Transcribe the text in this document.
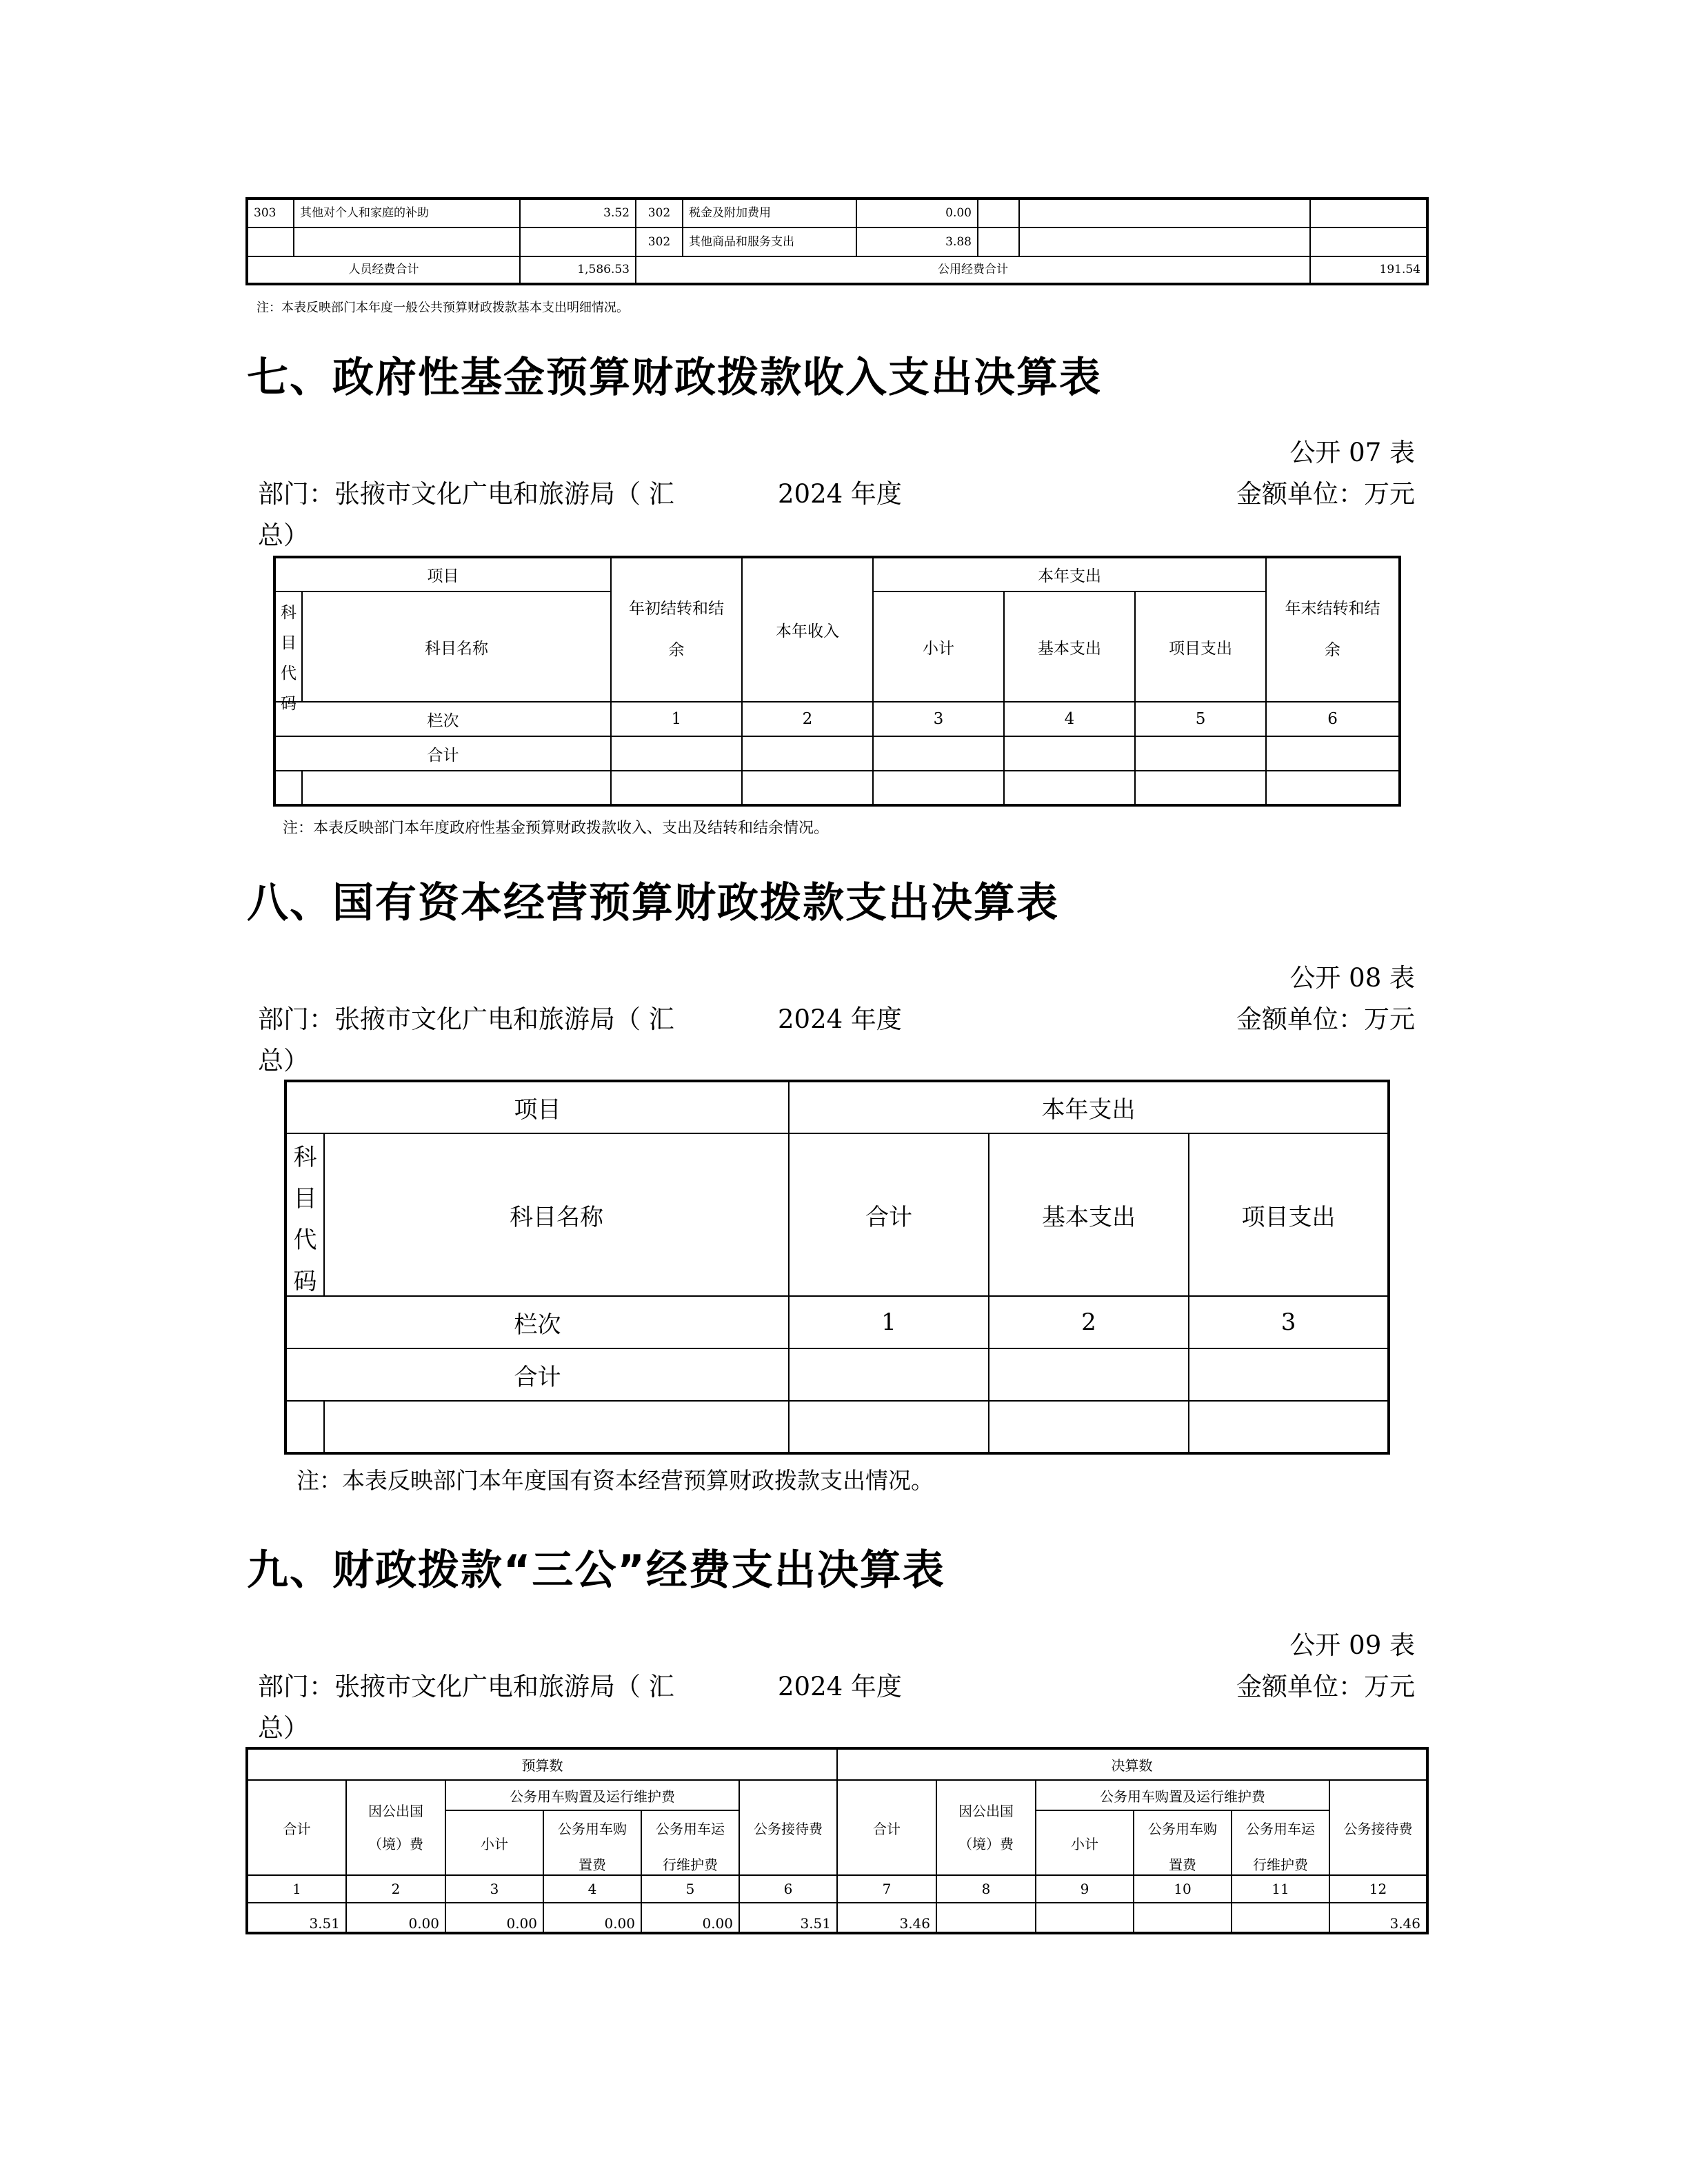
303	其他对个人和家庭的补助	3.52	302	税金及附加费用	0.00			
			302	其他商品和服务支出	3.88			
人员经费合计		1,586.53	公用经费合计					191.54
注：本表反映部门本年度一般公共预算财政拨款基本支出明细情况。
七、政府性基金预算财政拨款收入支出决算表
公开 07 表
部门：张掖市文化广电和旅游局（ 汇
总）
2024 年度	金额单位：万元
项目		年初结转和结余	本年收入	本年支出			年末结转和结余

科目代码	科目名称			小计	基本支出	项目支出	
栏次		1	2	3	4	5	6
合计							

注：本表反映部门本年度政府性基金预算财政拨款收入、支出及结转和结余情况。
八、国有资本经营预算财政拨款支出决算表
公开 08 表
部门：张掖市文化广电和旅游局（ 汇
总）
2024 年度	金额单位：万元
项目		本年支出		

科目代码	科目名称	合计	基本支出	项目支出
栏次		1	2	3
合计				

注：本表反映部门本年度国有资本经营预算财政拨款支出情况。
九、财政拨款“三公”经费支出决算表
公开 09 表
部门：张掖市文化广电和旅游局（ 汇
总）
2024 年度	金额单位：万元
预算数						决算数					
合计	因公出国
（境）费	公务用车购置及运行维护费			公务接待费	合计	因公出国
（境）费	公务用车购置及运行维护费			公务接待费
		小计	公务用车购置费	公务用车运行维护费				小计	公务用车购置费	公务用车运行维护费	

1	2	3	4	5	6	7	8	9	10	11	12
3.51	0.00	0.00	0.00	0.00	3.51	3.46					3.46
